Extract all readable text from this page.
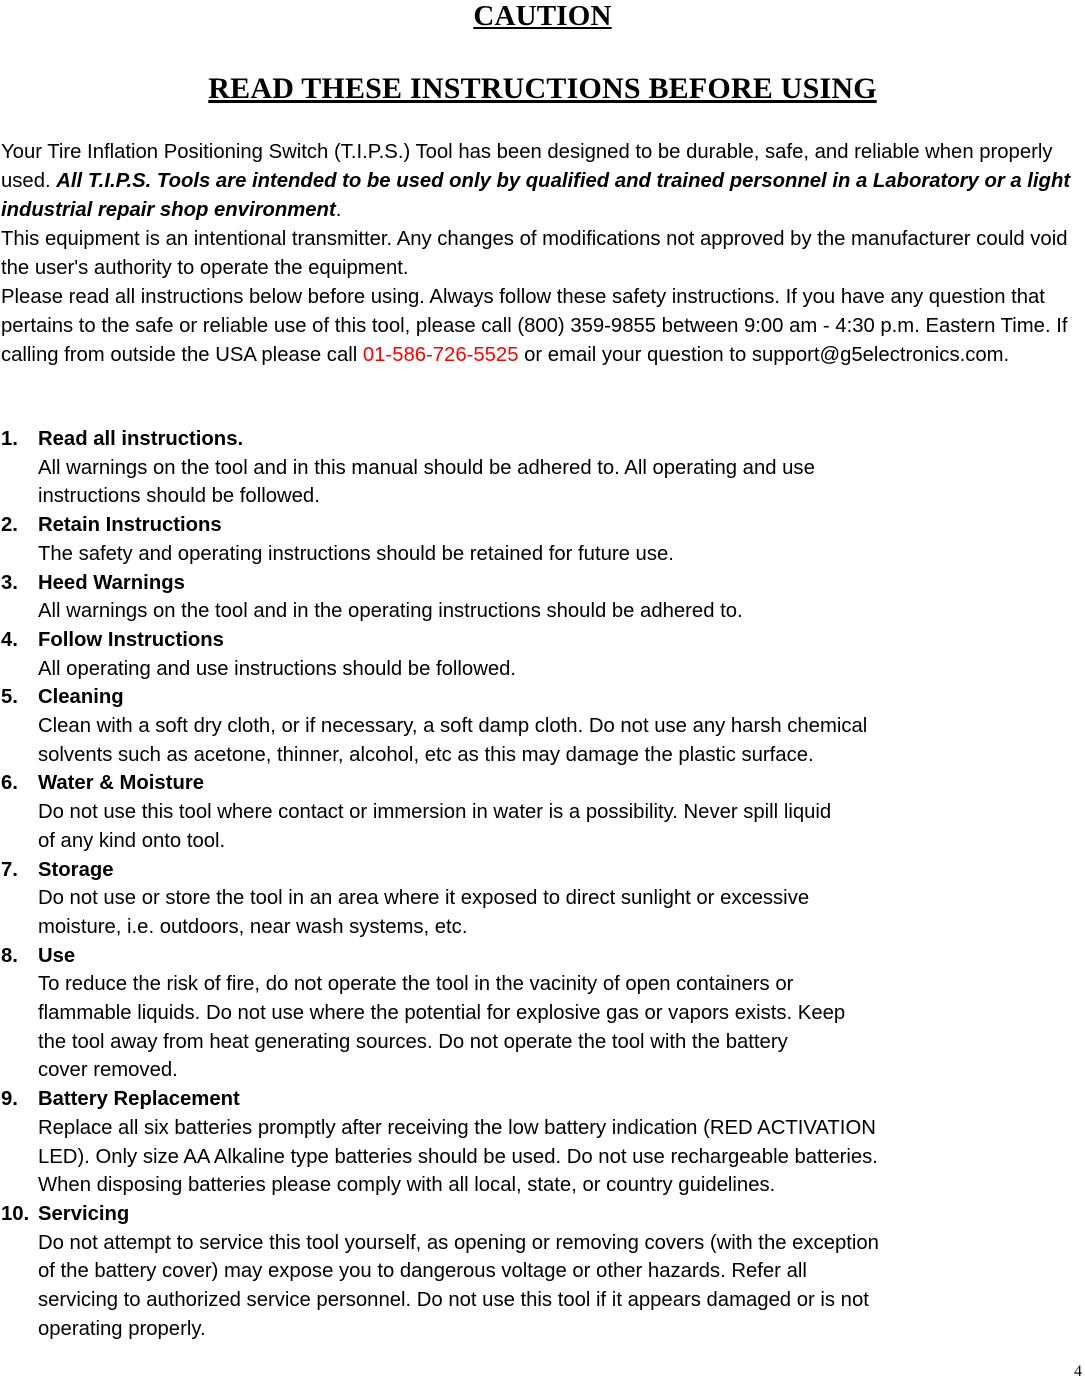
CAUTION
READ THESE INSTRUCTIONS BEFORE USING

Your Tire Inflation Positioning Switch (T.I.P.S.) Tool has been designed to be durable, safe, and reliable when properly used. All T.I.P.S. Tools are intended to be used only by qualified and trained personnel in a Laboratory or a light industrial repair shop environment.

This equipment is an intentional transmitter. Any changes of modifications not approved by the manufacturer could void the user's authority to operate the equipment.

Please read all instructions below before using. Always follow these safety instructions. If you have any question that pertains to the safe or reliable use of this tool, please call (800) 359-9855 between 9:00 am - 4:30 p.m. Eastern Time. If calling from outside the USA please call 01-586-726-5525 or email your question to support@g5electronics.com.

1. Read all instructions.
All warnings on the tool and in this manual should be adhered to. All operating and use
instructions should be followed.
2. Retain Instructions
The safety and operating instructions should be retained for future use.
3. Heed Warnings
All warnings on the tool and in the operating instructions should be adhered to.
4. Follow Instructions
All operating and use instructions should be followed.
5. Cleaning
Clean with a soft dry cloth, or if necessary, a soft damp cloth. Do not use any harsh chemical
solvents such as acetone, thinner, alcohol, etc as this may damage the plastic surface.
6. Water & Moisture
Do not use this tool where contact or immersion in water is a possibility. Never spill liquid
of any kind onto tool.
7. Storage
Do not use or store the tool in an area where it exposed to direct sunlight or excessive
moisture, i.e. outdoors, near wash systems, etc.
8. Use
To reduce the risk of fire, do not operate the tool in the vacinity of open containers or
flammable liquids. Do not use where the potential for explosive gas or vapors exists. Keep
the tool away from heat generating sources. Do not operate the tool with the battery
cover removed.
9. Battery Replacement
Replace all six batteries promptly after receiving the low battery indication (RED ACTIVATION
LED). Only size AA Alkaline type batteries should be used. Do not use rechargeable batteries.
When disposing batteries please comply with all local, state, or country guidelines.
10. Servicing
Do not attempt to service this tool yourself, as opening or removing covers (with the exception
of the battery cover) may expose you to dangerous voltage or other hazards. Refer all
servicing to authorized service personnel. Do not use this tool if it appears damaged or is not
operating properly.
4
